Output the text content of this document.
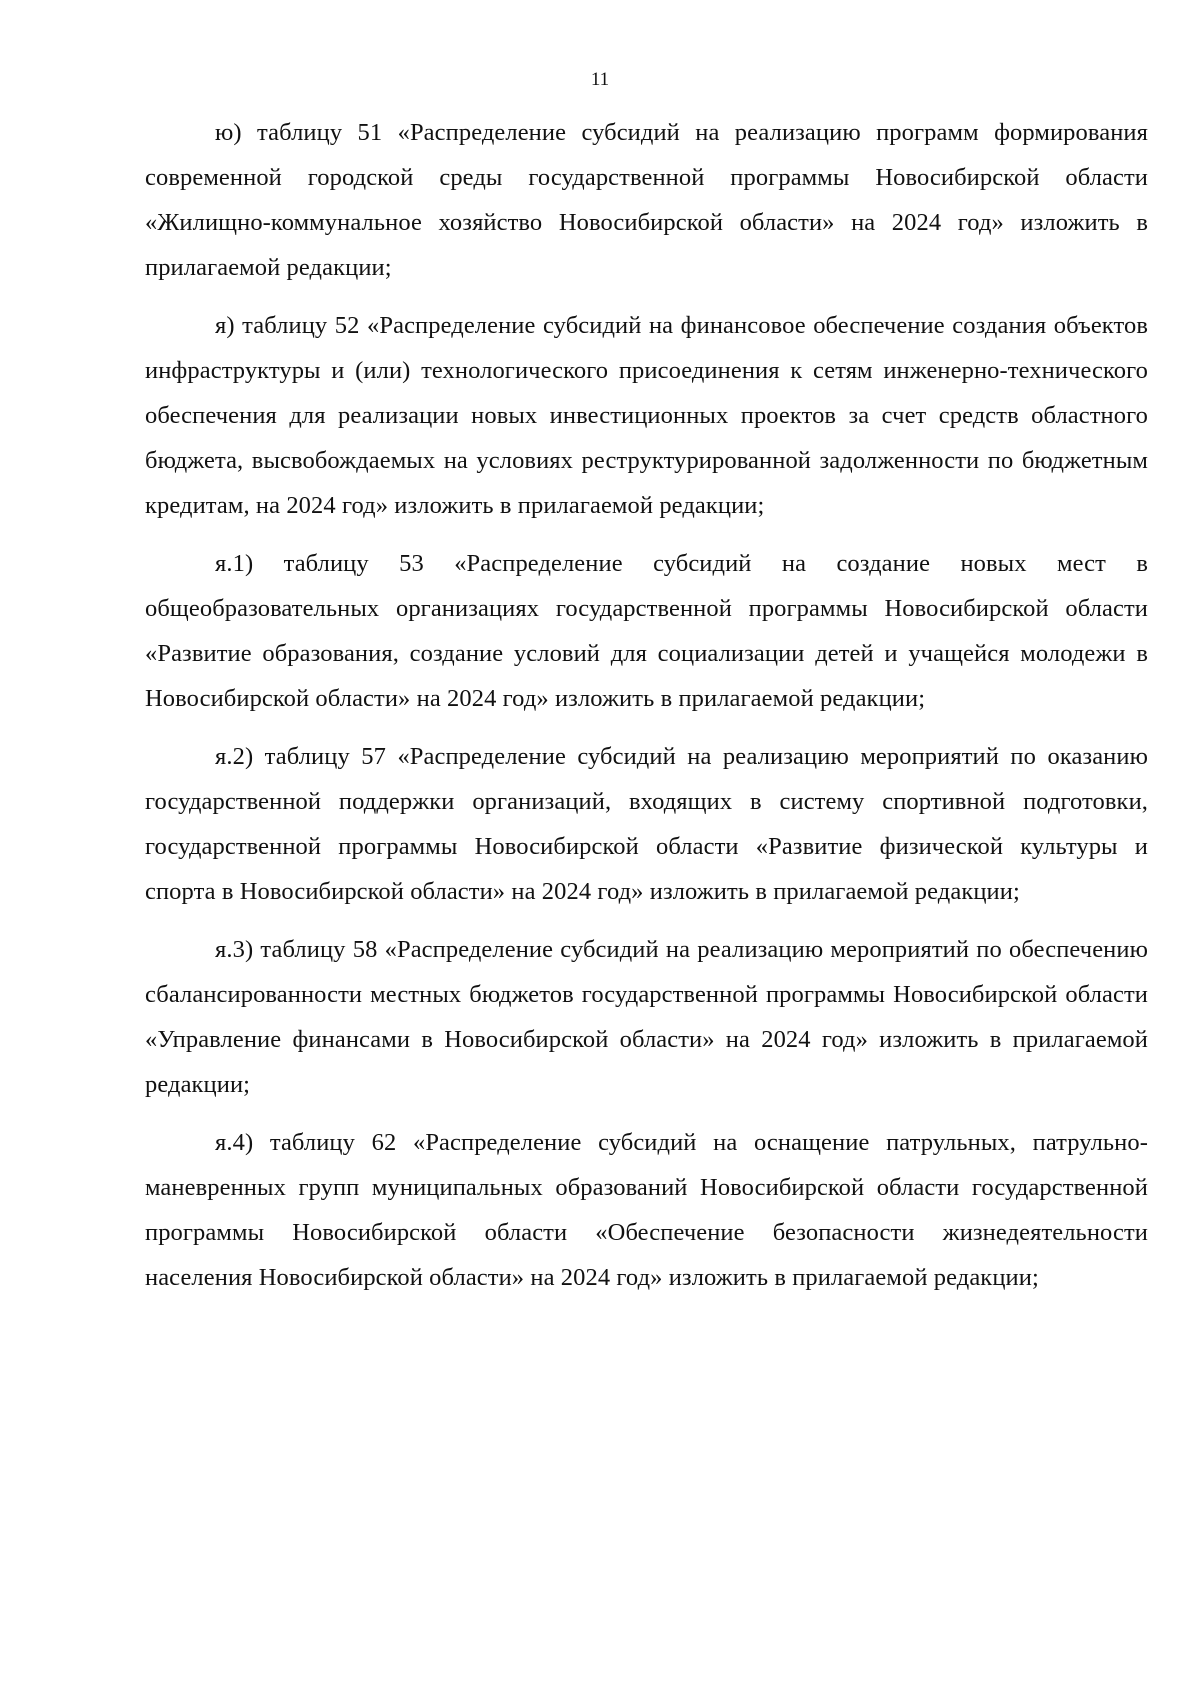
11

ю) таблицу 51 «Распределение субсидий на реализацию программ формирования современной городской среды государственной программы Новосибирской области «Жилищно-коммунальное хозяйство Новосибирской области» на 2024 год» изложить в прилагаемой редакции;

я) таблицу 52 «Распределение субсидий на финансовое обеспечение создания объектов инфраструктуры и (или) технологического присоединения к сетям инженерно-технического обеспечения для реализации новых инвестиционных проектов за счет средств областного бюджета, высвобождаемых на условиях реструктурированной задолженности по бюджетным кредитам, на 2024 год» изложить в прилагаемой редакции;

я.1) таблицу 53 «Распределение субсидий на создание новых мест в общеобразовательных организациях государственной программы Новосибирской области «Развитие образования, создание условий для социализации детей и учащейся молодежи в Новосибирской области» на 2024 год» изложить в прилагаемой редакции;

я.2) таблицу 57 «Распределение субсидий на реализацию мероприятий по оказанию государственной поддержки организаций, входящих в систему спортивной подготовки, государственной программы Новосибирской области «Развитие физической культуры и спорта в Новосибирской области» на 2024 год» изложить в прилагаемой редакции;

я.3) таблицу 58 «Распределение субсидий на реализацию мероприятий по обеспечению сбалансированности местных бюджетов государственной программы Новосибирской области «Управление финансами в Новосибирской области» на 2024 год» изложить в прилагаемой редакции;

я.4) таблицу 62 «Распределение субсидий на оснащение патрульных, патрульно-маневренных групп муниципальных образований Новосибирской области государственной программы Новосибирской области «Обеспечение безопасности жизнедеятельности населения Новосибирской области» на 2024 год» изложить в прилагаемой редакции;
